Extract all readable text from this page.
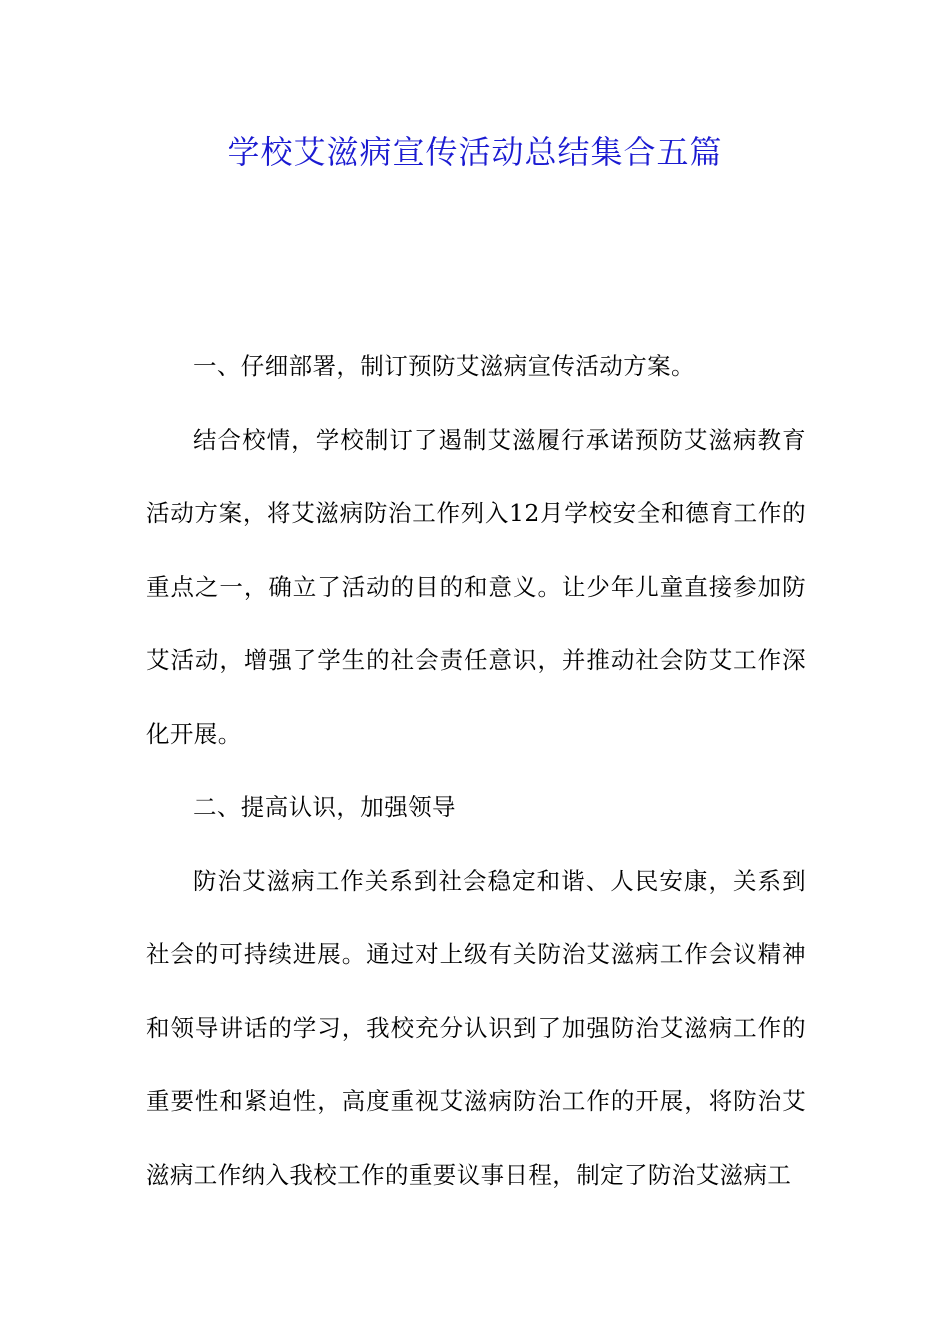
学校艾滋病宣传活动总结集合五篇

一、仔细部署，制订预防艾滋病宣传活动方案。

结合校情，学校制订了遏制艾滋履行承诺预防艾滋病教育活动方案，将艾滋病防治工作列入12月学校安全和德育工作的重点之一，确立了活动的目的和意义。让少年儿童直接参加防艾活动，增强了学生的社会责任意识，并推动社会防艾工作深化开展。

二、提高认识，加强领导

防治艾滋病工作关系到社会稳定和谐、人民安康，关系到社会的可持续进展。通过对上级有关防治艾滋病工作会议精神和领导讲话的学习，我校充分认识到了加强防治艾滋病工作的重要性和紧迫性，高度重视艾滋病防治工作的开展，将防治艾滋病工作纳入我校工作的重要议事日程，制定了防治艾滋病工
